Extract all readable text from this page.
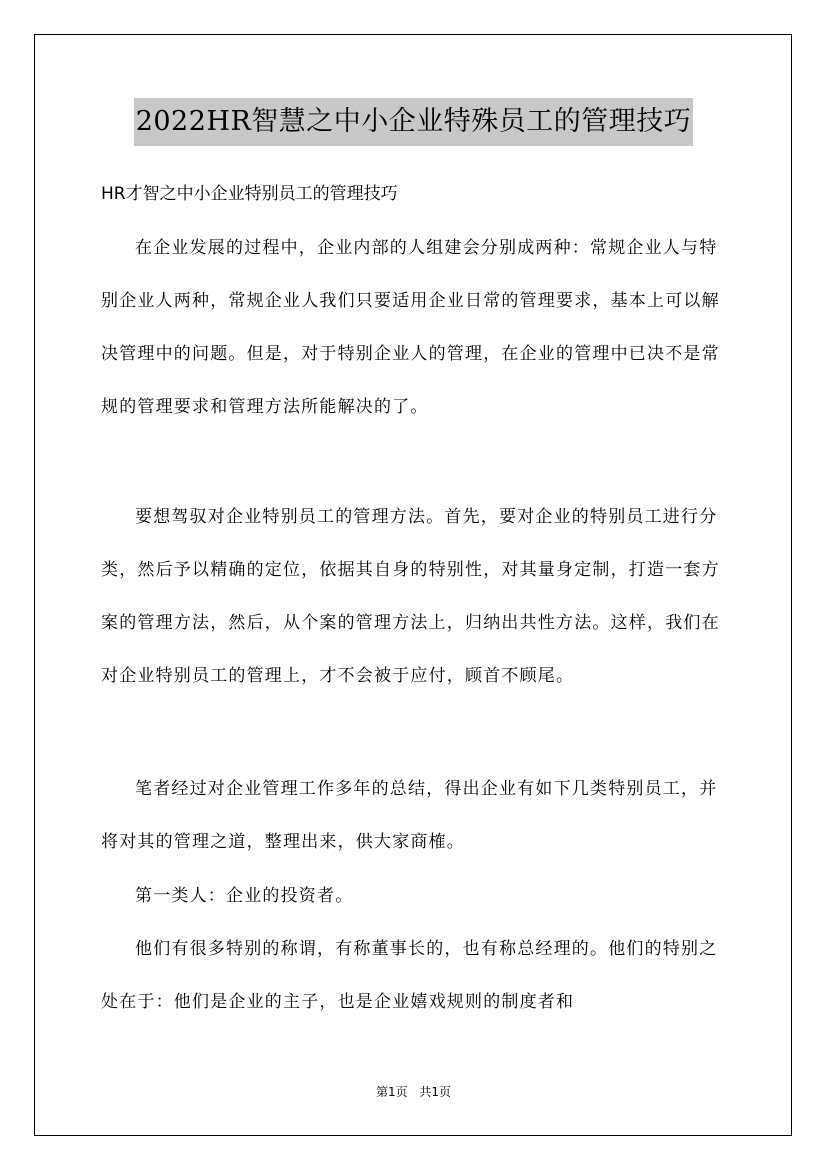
2022HR智慧之中小企业特殊员工的管理技巧
HR才智之中小企业特别员工的管理技巧

在企业发展的过程中，企业内部的人组建会分别成两种：常规企业人与特别企业人两种，常规企业人我们只要适用企业日常的管理要求，基本上可以解决管理中的问题。但是，对于特别企业人的管理，在企业的管理中已决不是常规的管理要求和管理方法所能解决的了。

要想驾驭对企业特别员工的管理方法。首先，要对企业的特别员工进行分类，然后予以精确的定位，依据其自身的特别性，对其量身定制，打造一套方案的管理方法，然后，从个案的管理方法上，归纳出共性方法。这样，我们在对企业特别员工的管理上，才不会被于应付，顾首不顾尾。

笔者经过对企业管理工作多年的总结，得出企业有如下几类特别员工，并将对其的管理之道，整理出来，供大家商榷。

第一类人：企业的投资者。

他们有很多特别的称谓，有称董事长的，也有称总经理的。他们的特别之处在于：他们是企业的主子，也是企业嬉戏规则的制度者和

第1页 共1页
